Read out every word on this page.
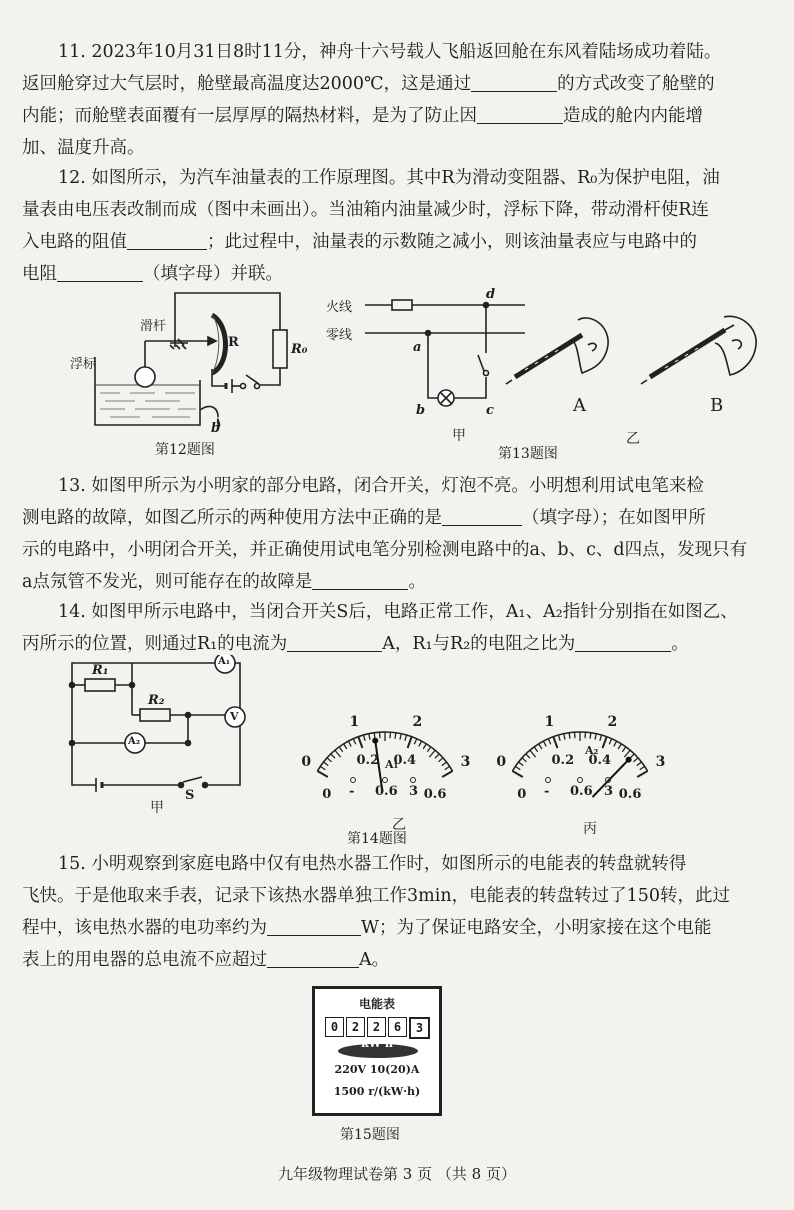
11. 2023年10月31日8时11分，神舟十六号载人飞船返回舱在东风着陆场成功着陆。

返回舱穿过大气层时，舱壁最高温度达2000℃，这是通过	的方式改变了舱壁的

内能；而舱壁表面覆有一层厚厚的隔热材料，是为了防止因	造成的舱内内能增

加、温度升高。

12. 如图所示，为汽车油量表的工作原理图。其中R为滑动变阻器、R₀为保护电阻，油

量表由电压表改制而成（图中未画出）。当油箱内油量减少时，浮标下降，带动滑杆使R连

入电路的阻值	；此过程中，油量表的示数随之减小，则该油量表应与电路中的

电阻	（填字母）并联。

滑杆
浮标
R	R₀
b
第12题图
火线
零线
a
b	c
d
甲
A	B
乙
第13题图

13. 如图甲所示为小明家的部分电路，闭合开关，灯泡不亮。小明想利用试电笔来检

测电路的故障，如图乙所示的两种使用方法中正确的是	（填字母）；在如图甲所

示的电路中，小明闭合开关，并正确使用试电笔分别检测电路中的a、b、c、d四点，发现只有

a点氖管不发光，则可能存在的故障是	。

14. 如图甲所示电路中，当闭合开关S后，电路正常工作，A₁、A₂指针分别指在如图乙、

丙所示的位置，则通过R₁的电流为	A，R₁与R₂的电阻之比为	。

R₁
R₂
A₁
V
A₂
S
甲
0
0
1
0.2
2
0.4	3
0.6
- 0.6 3
0
0
1
0.2
2
0.4	3
0.6
- 0.6 3
A₁
A₂
乙	丙
第14题图

15. 小明观察到家庭电路中仅有电热水器工作时，如图所示的电能表的转盘就转得

飞快。于是他取来手表，记录下该热水器单独工作3min，电能表的转盘转过了150转，此过

程中，该电热水器的电功率约为	W；为了保证电路安全，小明家接在这个电能

表上的用电器的总电流不应超过	A。

电能表
0	2	2	6	3
kW·h
220V 10(20)A
1500 r/(kW·h)
第15题图
九年级物理试卷第 3 页 （共 8 页）
